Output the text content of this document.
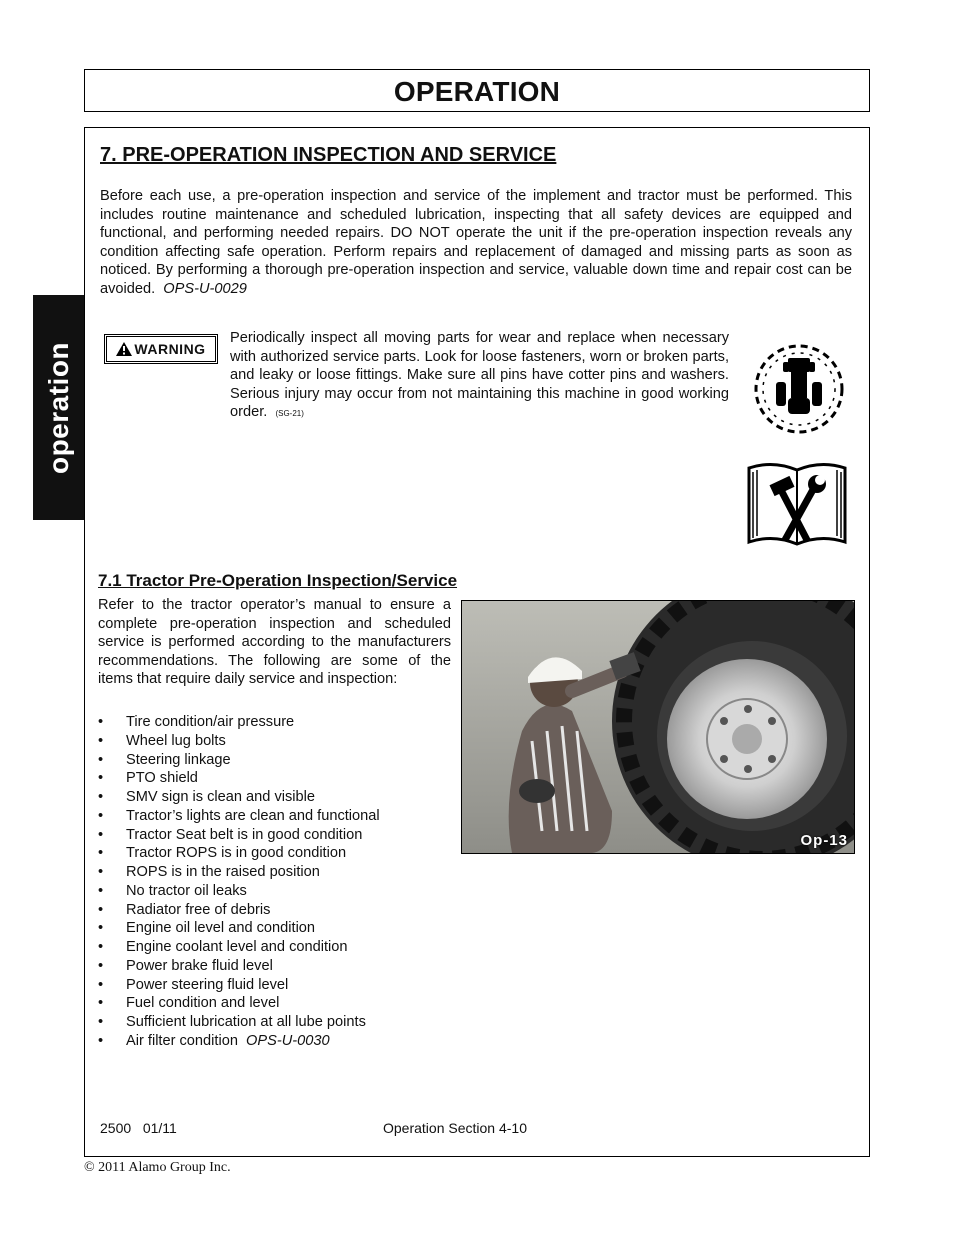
OPERATION
operation
7. PRE-OPERATION INSPECTION AND SERVICE
Before each use, a pre-operation inspection and service of the implement and tractor must be performed. This includes routine maintenance and scheduled lubrication, inspecting that all safety devices are equipped and functional, and performing needed repairs. DO NOT operate the unit if the pre-operation inspection reveals any condition affecting safe operation. Perform repairs and replacement of damaged and missing parts as soon as noticed. By performing a thorough pre-operation inspection and service, valuable down time and repair cost can be avoided. OPS-U-0029
WARNING
Periodically inspect all moving parts for wear and replace when necessary with authorized service parts. Look for loose fasteners, worn or broken parts, and leaky or loose fittings. Make sure all pins have cotter pins and washers. Serious injury may occur from not maintaining this machine in good working order. (SG-21)
7.1 Tractor Pre-Operation Inspection/Service
Refer to the tractor operator’s manual to ensure a complete pre-operation inspection and scheduled service is performed according to the manufacturers recommendations. The following are some of the items that require daily service and inspection:
• Tire condition/air pressure
• Wheel lug bolts
• Steering linkage
• PTO shield
• SMV sign is clean and visible
• Tractor’s lights are clean and functional
• Tractor Seat belt is in good condition
• Tractor ROPS is in good condition
• ROPS is in the raised position
• No tractor oil leaks
• Radiator free of debris
• Engine oil level and condition
• Engine coolant level and condition
• Power brake fluid level
• Power steering fluid level
• Fuel condition and level
• Sufficient lubrication at all lube points
• Air filter condition OPS-U-0030
Op-13
2500   01/11	Operation Section 4-10
© 2011 Alamo Group Inc.
